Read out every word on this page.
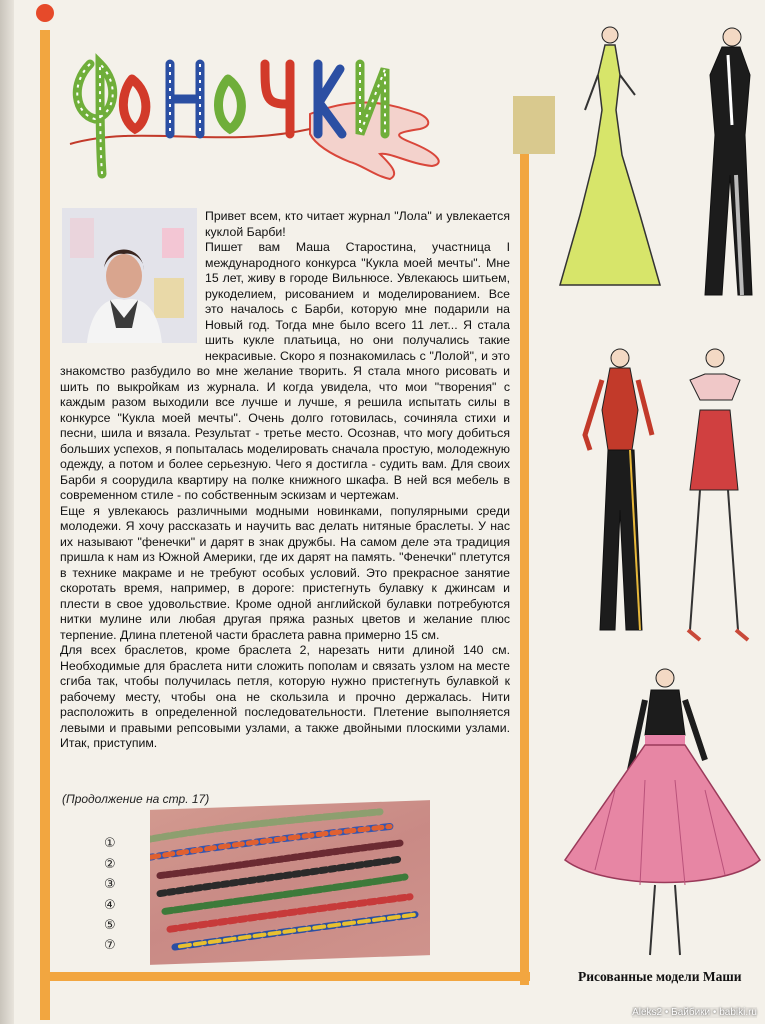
Привет всем, кто читает журнал "Лола" и увлекается куклой Барби!

Пишет вам Маша Старостина, участница I международного конкурса "Кукла моей мечты". Мне 15 лет, живу в городе Вильнюсе. Увлекаюсь шитьем, рукоделием, рисованием и моделированием. Все это началось с Барби, которую мне подарили на Новый год. Тогда мне было всего 11 лет... Я стала шить кукле платьица, но они получались такие некрасивые. Скоро я познакомилась с "Лолой", и это знакомство разбудило во мне желание творить. Я стала много рисовать и шить по выкройкам из журнала. И когда увидела, что мои "творения" с каждым разом выходили все лучше и лучше, я решила испытать силы в конкурсе "Кукла моей мечты". Очень долго готовилась, сочиняла стихи и песни, шила и вязала. Результат - третье место. Осознав, что могу добиться больших успехов, я попыталась моделировать сначала простую, молодежную одежду, а потом и более серьезную. Чего я достигла - судить вам. Для своих Барби я соорудила квартиру на полке книжного шкафа. В ней вся мебель в современном стиле - по собственным эскизам и чертежам.

Еще я увлекаюсь различными модными новинками, популярными среди молодежи. Я хочу рассказать и научить вас делать нитяные браслеты. У нас их называют "фенечки" и дарят в знак дружбы. На самом деле эта традиция пришла к нам из Южной Америки, где их дарят на память. "Фенечки" плетутся в технике макраме и не требуют особых условий. Это прекрасное занятие скоротать время, например, в дороге: пристегнуть булавку к джинсам и плести в свое удовольствие. Кроме одной английской булавки потребуются нитки мулине или любая другая пряжа разных цветов и желание плюс терпение. Длина плетеной части браслета равна примерно 15 см.

Для всех браслетов, кроме браслета 2, нарезать нити длиной 140 см. Необходимые для браслета нити сложить пополам и связать узлом на месте сгиба так, чтобы получилась петля, которую нужно пристегнуть булавкой к рабочему месту, чтобы она не скользила и прочно держалась. Нити расположить в определенной последовательности. Плетение выполняется левыми и правыми репсовыми узлами, а также двойными плоскими узлами. Итак, приступим.

(Продолжение на стр. 17)
①
②
③
④
⑤
⑦
Рисованные модели Маши
Aleks2 • Байбики • babiki.ru
